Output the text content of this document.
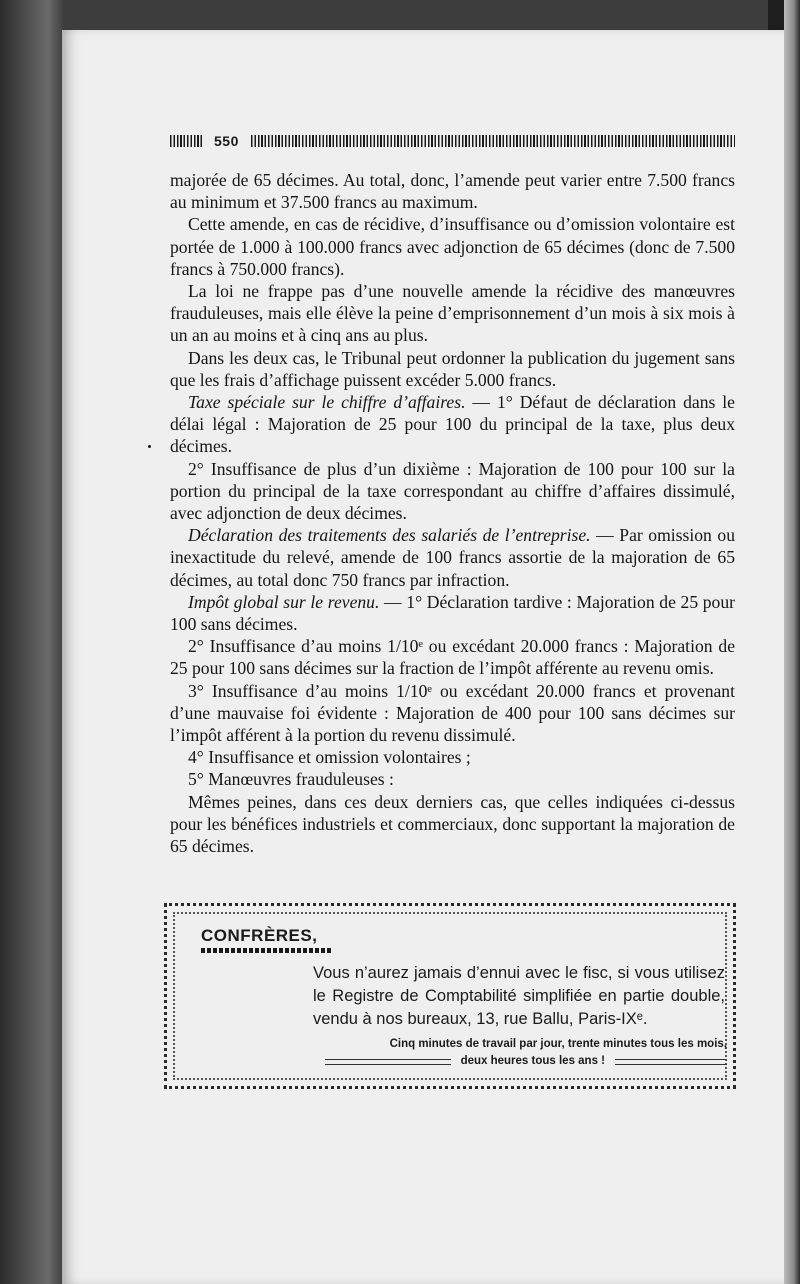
550

majorée de 65 décimes. Au total, donc, l’amende peut varier entre 7.500 francs au minimum et 37.500 francs au maximum.

Cette amende, en cas de récidive, d’insuffisance ou d’omission volontaire est portée de 1.000 à 100.000 francs avec adjonction de 65 décimes (donc de 7.500 francs à 750.000 francs).

La loi ne frappe pas d’une nouvelle amende la récidive des manœuvres frauduleuses, mais elle élève la peine d’emprisonnement d’un mois à six mois à un an au moins et à cinq ans au plus.

Dans les deux cas, le Tribunal peut ordonner la publication du jugement sans que les frais d’affichage puissent excéder 5.000 francs.

Taxe spéciale sur le chiffre d’affaires. — 1° Défaut de déclaration dans le délai légal : Majoration de 25 pour 100 du principal de la taxe, plus deux décimes.

2° Insuffisance de plus d’un dixième : Majoration de 100 pour 100 sur la portion du principal de la taxe correspondant au chiffre d’affaires dissimulé, avec adjonction de deux décimes.

Déclaration des traitements des salariés de l’entreprise. — Par omission ou inexactitude du relevé, amende de 100 francs assortie de la majoration de 65 décimes, au total donc 750 francs par infraction.

Impôt global sur le revenu. — 1° Déclaration tardive : Majoration de 25 pour 100 sans décimes.

2° Insuffisance d’au moins 1/10ᵉ ou excédant 20.000 francs : Majoration de 25 pour 100 sans décimes sur la fraction de l’impôt afférente au revenu omis.

3° Insuffisance d’au moins 1/10ᵉ ou excédant 20.000 francs et provenant d’une mauvaise foi évidente : Majoration de 400 pour 100 sans décimes sur l’impôt afférent à la portion du revenu dissimulé.

4° Insuffisance et omission volontaires ;

5° Manœuvres frauduleuses :

Mêmes peines, dans ces deux derniers cas, que celles indiquées ci-dessus pour les bénéfices industriels et commerciaux, donc supportant la majoration de 65 décimes.

CONFRÈRES,
Vous n’aurez jamais d’ennui avec le fisc, si vous utilisez le Registre de Comptabilité simplifiée en partie double, vendu à nos bureaux, 13, rue Ballu, Paris-IXᵉ.
Cinq minutes de travail par jour, trente minutes tous les mois,
deux heures tous les ans !
